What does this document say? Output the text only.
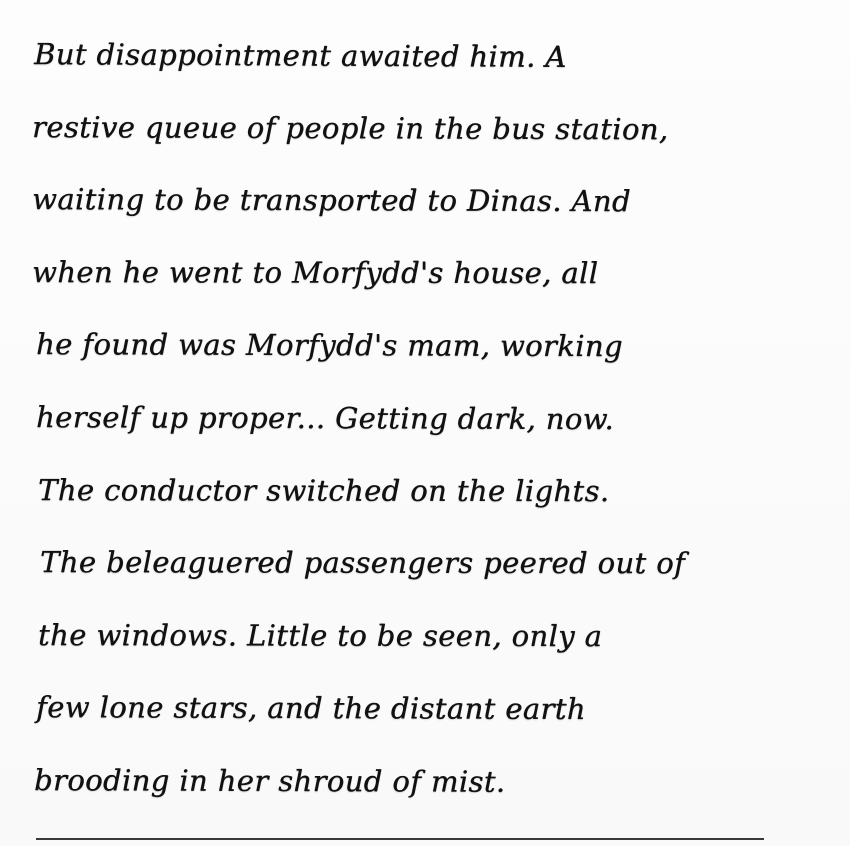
But disappointment awaited him. A
restive queue of people in the bus station,
waiting to be transported to Dinas. And
when he went to Morfydd's house, all
he found was Morfydd's mam, working
herself up proper... Getting dark, now.
The conductor switched on the lights.
The beleaguered passengers peered out of
the windows. Little to be seen, only a
few lone stars, and the distant earth
brooding in her shroud of mist.
